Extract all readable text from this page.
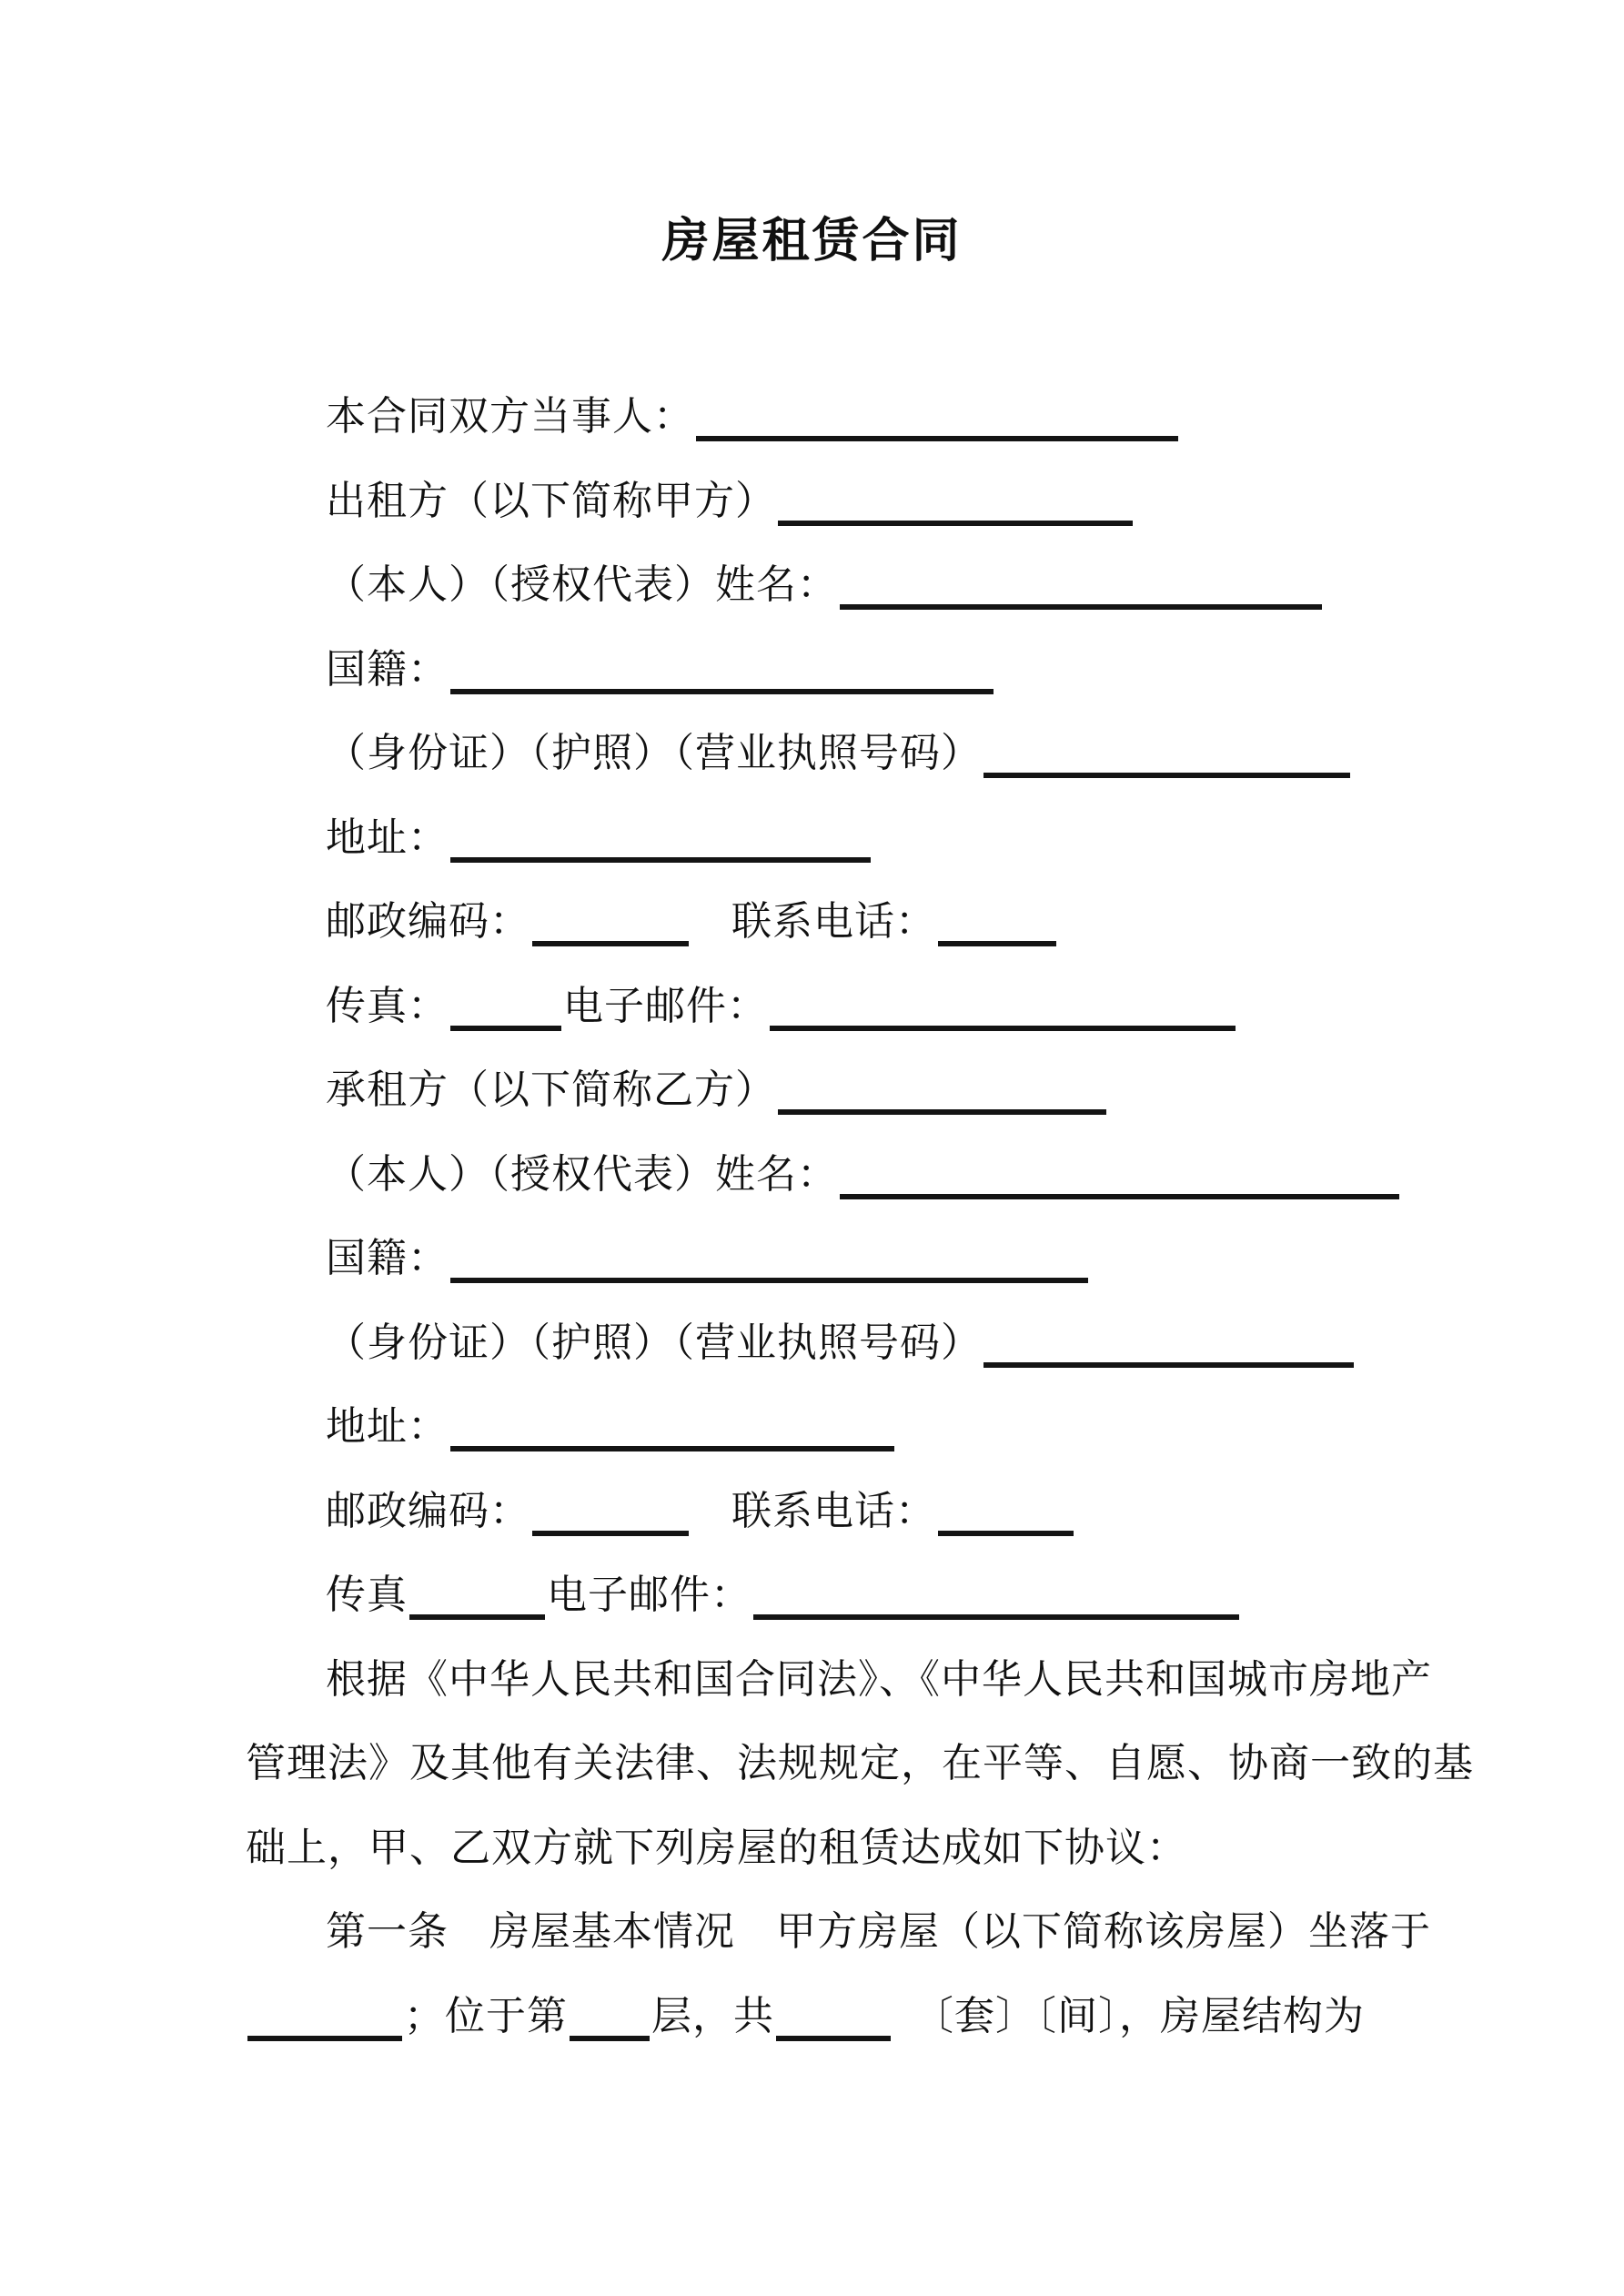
房屋租赁合同
本合同双方当事人：
出租方（以下简称甲方）
（本人）（授权代表）姓名：
国籍：
（身份证）（护照）（营业执照号码）
地址：
邮政编码：	　联系电话：
传真：	电子邮件：
承租方（以下简称乙方）
（本人）（授权代表）姓名：
国籍：
（身份证）（护照）（营业执照号码）
地址：
邮政编码：	　联系电话：
传真	电子邮件：
根据《中华人民共和国合同法》、《中华人民共和国城市房地产
管理法》及其他有关法律、法规规定，在平等、自愿、协商一致的基
础上，甲、乙双方就下列房屋的租赁达成如下协议：
第一条　房屋基本情况　甲方房屋（以下简称该房屋）坐落于
；位于第 层，共	　〔套〕〔间〕，房屋结构为
